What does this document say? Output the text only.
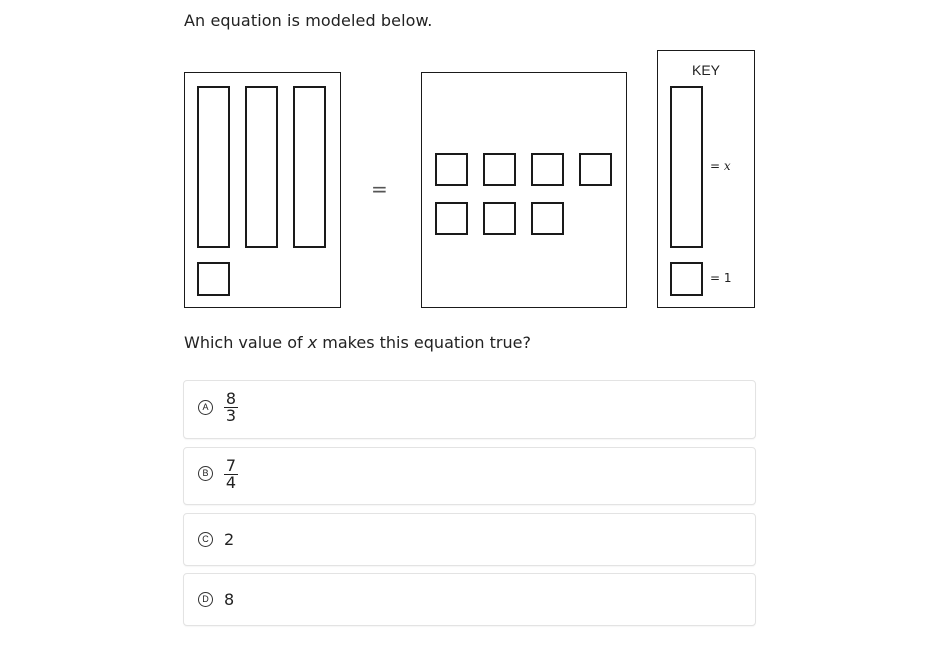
An equation is modeled below.
=
KEY
= x
= 1
Which value of x makes this equation true?
A $\frac{8}{3}$
B $\frac{7}{4}$
C 2
D 8
